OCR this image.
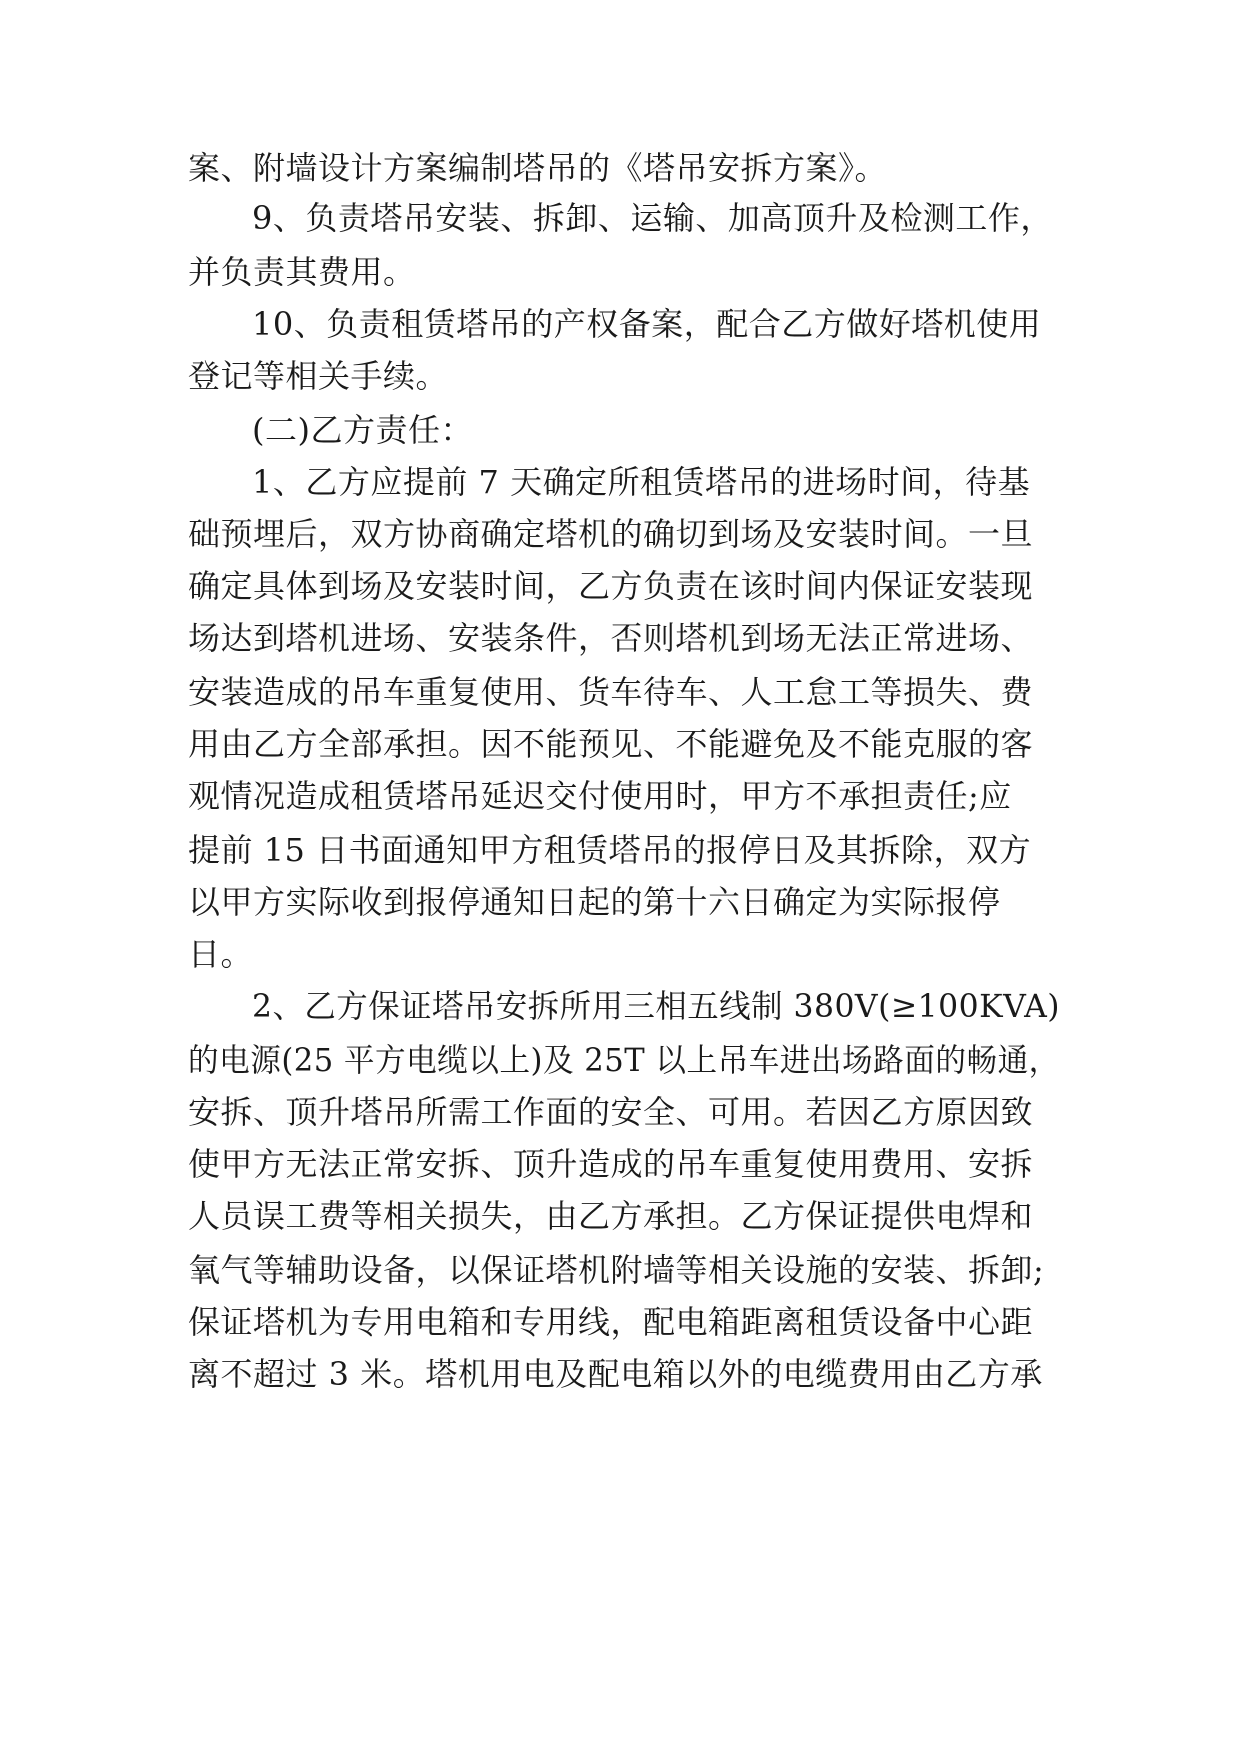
案、附墙设计方案编制塔吊的《塔吊安拆方案》。
9、负责塔吊安装、拆卸、运输、加高顶升及检测工作，
并负责其费用。
10、负责租赁塔吊的产权备案，配合乙方做好塔机使用
登记等相关手续。
(二)乙方责任：
1、乙方应提前 7 天确定所租赁塔吊的进场时间，待基
础预埋后，双方协商确定塔机的确切到场及安装时间。一旦
确定具体到场及安装时间，乙方负责在该时间内保证安装现
场达到塔机进场、安装条件，否则塔机到场无法正常进场、
安装造成的吊车重复使用、货车待车、人工怠工等损失、费
用由乙方全部承担。因不能预见、不能避免及不能克服的客
观情况造成租赁塔吊延迟交付使用时，甲方不承担责任;应
提前 15 日书面通知甲方租赁塔吊的报停日及其拆除，双方
以甲方实际收到报停通知日起的第十六日确定为实际报停
日。
2、乙方保证塔吊安拆所用三相五线制 380V(≥100KVA)
的电源(25 平方电缆以上)及 25T 以上吊车进出场路面的畅通，
安拆、顶升塔吊所需工作面的安全、可用。若因乙方原因致
使甲方无法正常安拆、顶升造成的吊车重复使用费用、安拆
人员误工费等相关损失，由乙方承担。乙方保证提供电焊和
氧气等辅助设备，以保证塔机附墙等相关设施的安装、拆卸;
保证塔机为专用电箱和专用线，配电箱距离租赁设备中心距
离不超过 3 米。塔机用电及配电箱以外的电缆费用由乙方承
